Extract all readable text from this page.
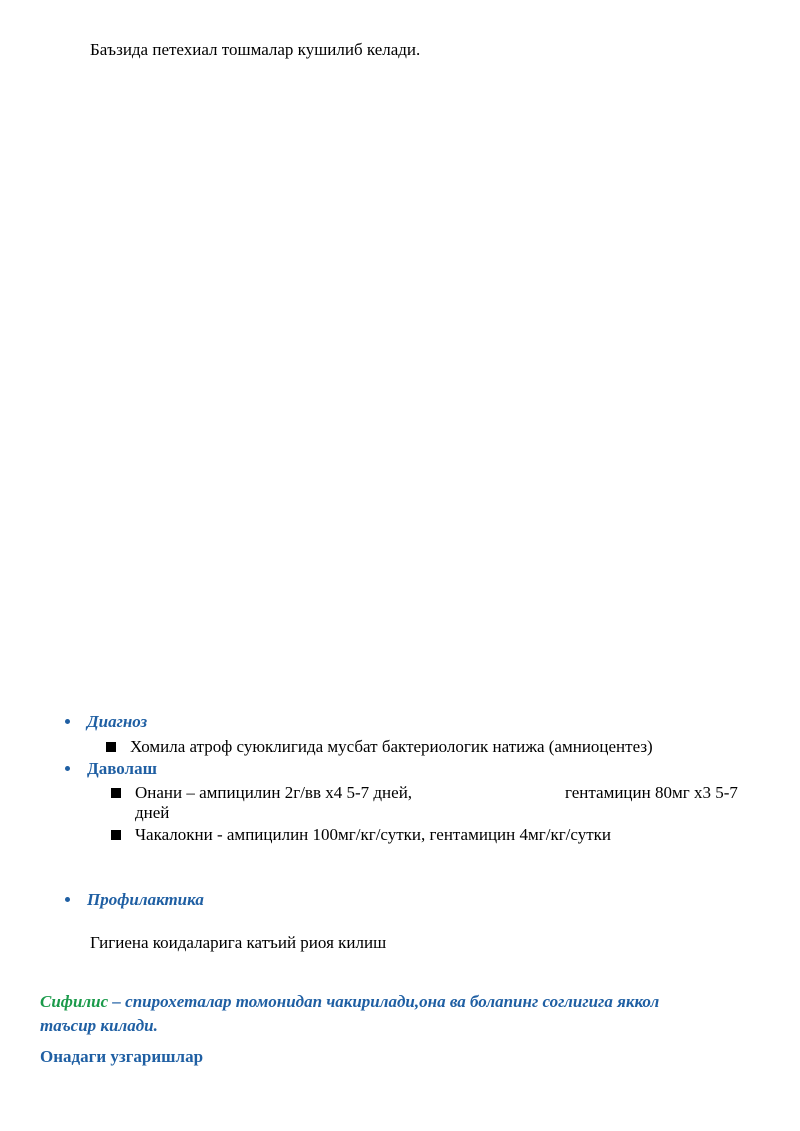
Баъзида петехиал тошмалар кушилиб келади.
Диагноз
Хомила атроф суюклигида мусбат бактериологик натижа (амниоцентез)
Даволаш
Онани – ампицилин 2г/вв х4 5-7 дней,	гентамицин 80мг х3 5-7
дней
Чакалокни - ампицилин 100мг/кг/сутки, гентамицин 4мг/кг/сутки
Профилактика
Гигиена коидаларига катъий риоя килиш
Сифилис – спирохеталар томонидап чакирилади,она ва болапинг соглигига яккол
таъсир килади.
Онадаги узгаришлар
